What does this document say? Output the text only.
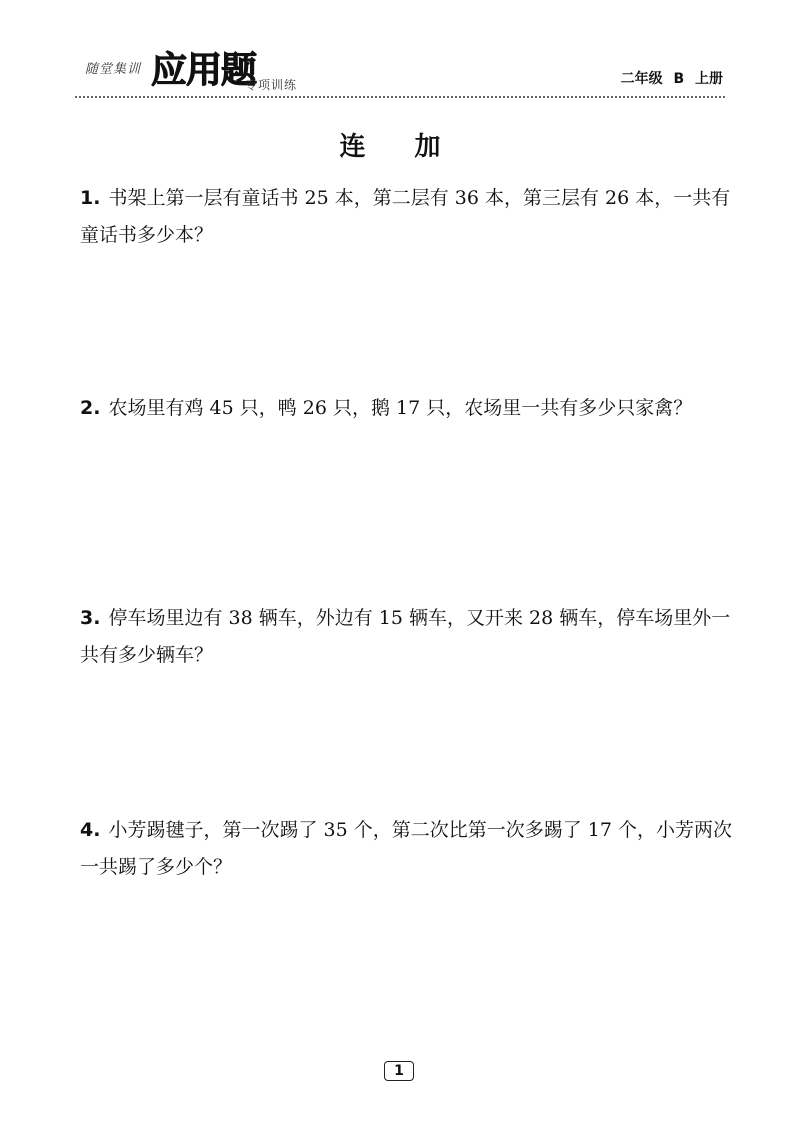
随堂集训 应用题
专项训练	二年级 B 上册
连 加
1. 书架上第一层有童话书 25 本，第二层有 36 本，第三层有 26 本，一共有童话书多少本？
2. 农场里有鸡 45 只，鸭 26 只，鹅 17 只，农场里一共有多少只家禽？
3. 停车场里边有 38 辆车，外边有 15 辆车，又开来 28 辆车，停车场里外一共有多少辆车？
4. 小芳踢毽子，第一次踢了 35 个，第二次比第一次多踢了 17 个，小芳两次一共踢了多少个？
1
